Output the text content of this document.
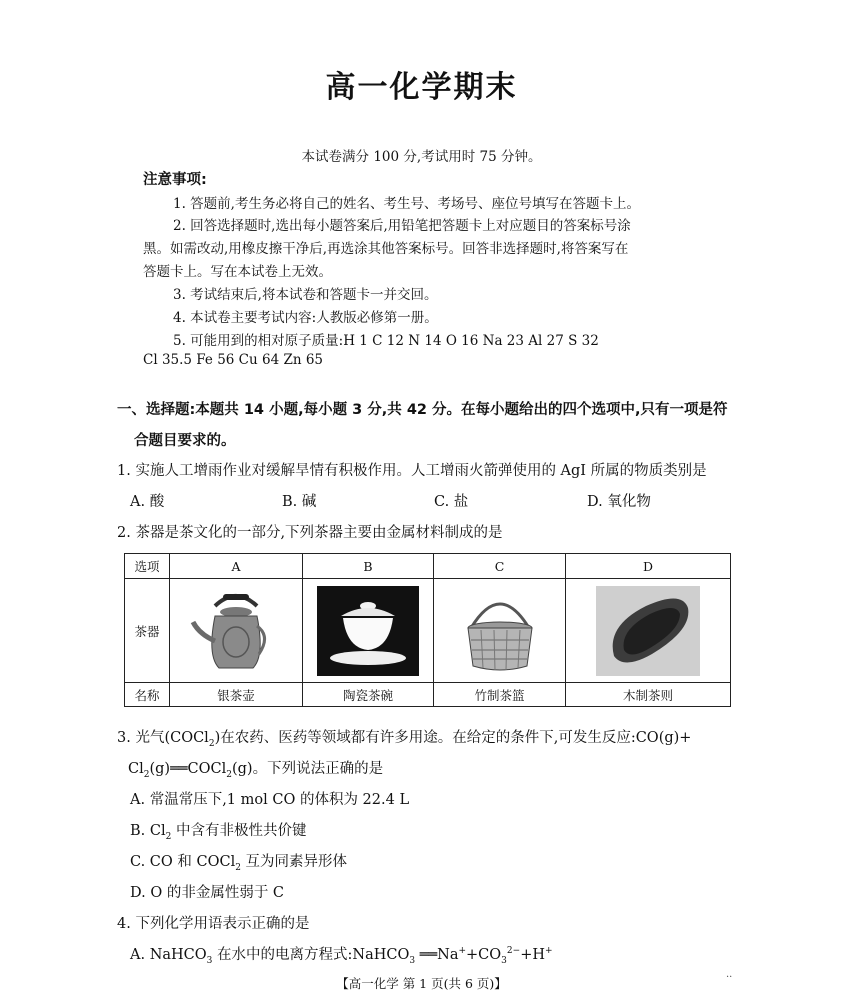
高一化学期末
本试卷满分 100 分,考试用时 75 分钟。
注意事项:
1. 答题前,考生务必将自己的姓名、考生号、考场号、座位号填写在答题卡上。
2. 回答选择题时,选出每小题答案后,用铅笔把答题卡上对应题目的答案标号涂
黑。如需改动,用橡皮擦干净后,再选涂其他答案标号。回答非选择题时,将答案写在
答题卡上。写在本试卷上无效。
3. 考试结束后,将本试卷和答题卡一并交回。
4. 本试卷主要考试内容:人教版必修第一册。
5. 可能用到的相对原子质量:H 1 C 12 N 14 O 16 Na 23 Al 27 S 32
Cl 35.5 Fe 56 Cu 64 Zn 65
一、选择题:本题共 14 小题,每小题 3 分,共 42 分。在每小题给出的四个选项中,只有一项是符
合题目要求的。
1. 实施人工增雨作业对缓解旱情有积极作用。人工增雨火箭弹使用的 AgI 所属的物质类别是
A. 酸	B. 碱	C. 盐	D. 氧化物
2. 茶器是茶文化的一部分,下列茶器主要由金属材料制成的是
选项	A	B	C	D
茶器	

名称	银茶壶	陶瓷茶碗	竹制茶篮	木制茶则
3. 光气(COCl$_2$)在农药、医药等领域都有许多用途。在给定的条件下,可发生反应:CO(g)+
$Cl_2(g)══COCl_2(g)$。下列说法正确的是
A. 常温常压下,1 mol CO 的体积为 22.4 L
B. $Cl_2$ 中含有非极性共价键
C. CO 和 COCl$_2$ 互为同素异形体
D. O 的非金属性弱于 C
4. 下列化学用语表示正确的是
A. NaHCO$_3$ 在水中的电离方程式:NaHCO$_3$ $══Na^++CO_3^{2-}+H^+$
【高一化学 第 1 页(共 6 页)】	··
